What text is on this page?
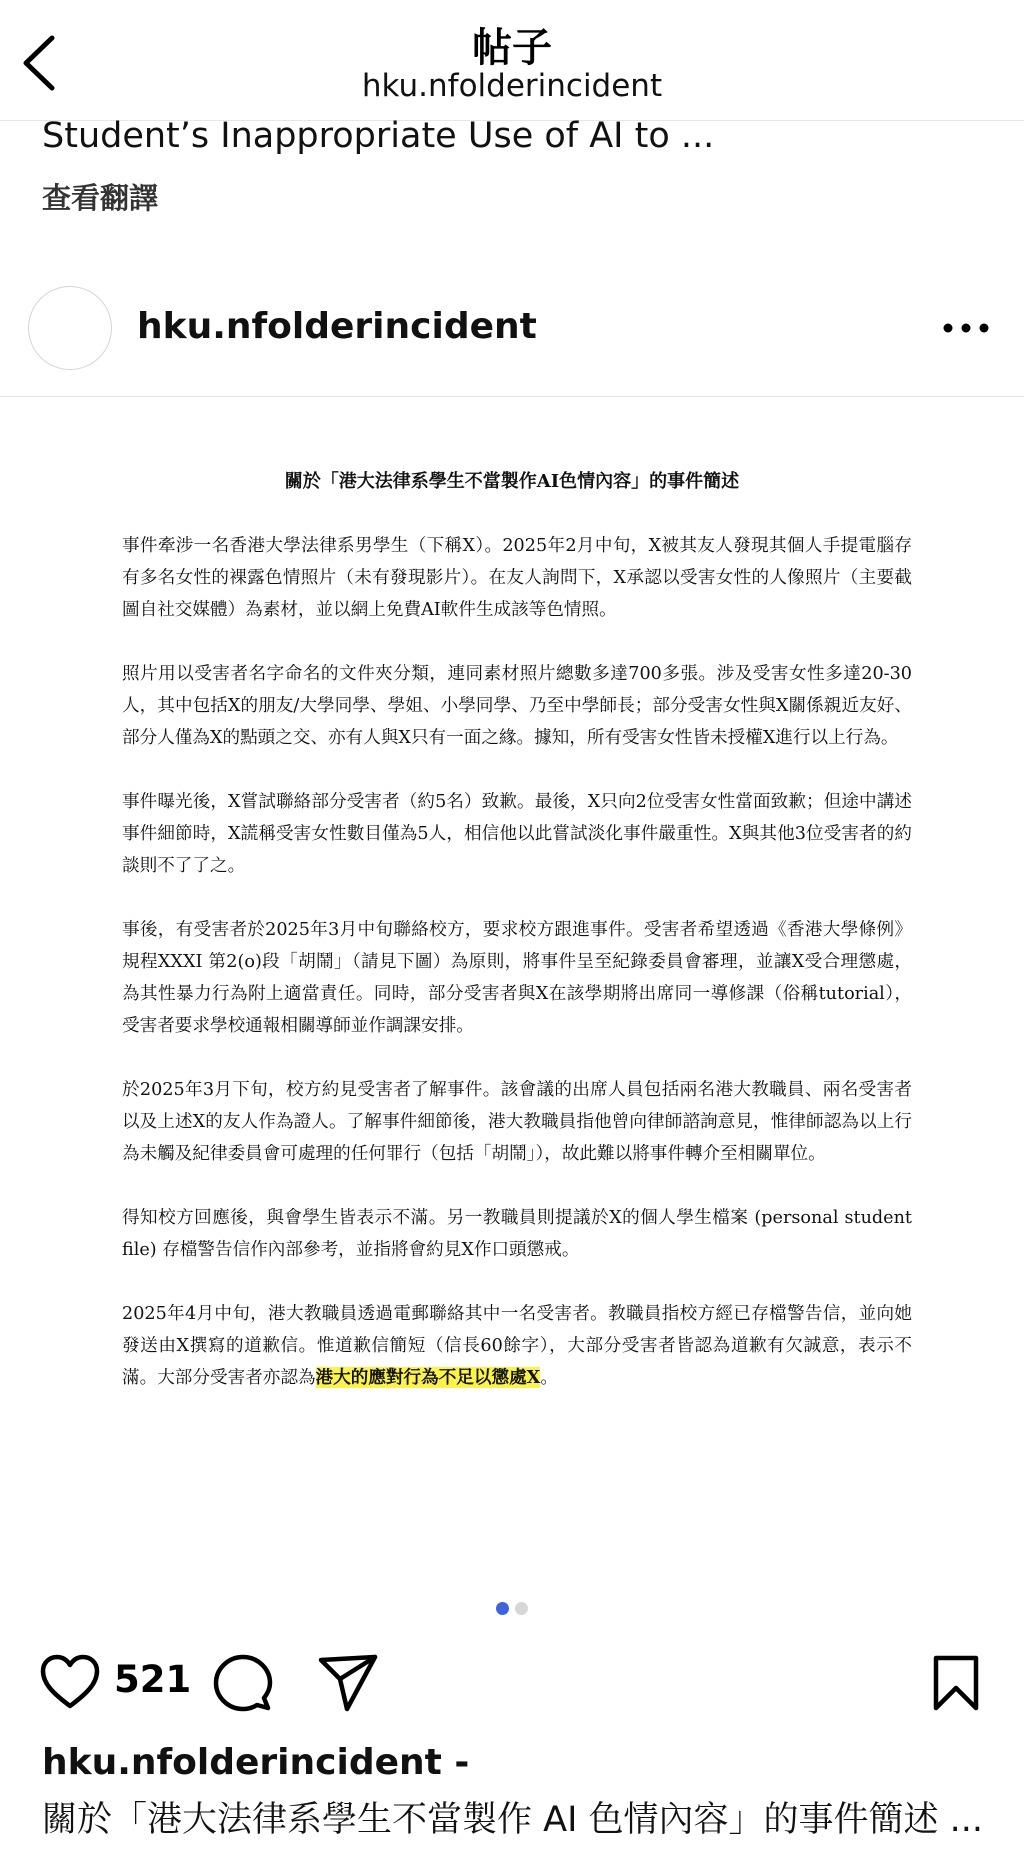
帖子
hku.nfolderincident
Student’s Inappropriate Use of AI to ...
查看翻譯
hku.nfolderincident
關於「港大法律系學生不當製作AI色情內容」的事件簡述

事件牽涉一名香港大學法律系男學生（下稱X）。2025年2月中旬，X被其友人發現其個人手提電腦存有多名女性的裸露色情照片（未有發現影片）。在友人詢問下，X承認以受害女性的人像照片（主要截圖自社交媒體）為素材，並以網上免費AI軟件生成該等色情照。

照片用以受害者名字命名的文件夾分類，連同素材照片總數多達700多張。涉及受害女性多達20-30人，其中包括X的朋友/大學同學、學姐、小學同學、乃至中學師長；部分受害女性與X關係親近友好、部分人僅為X的點頭之交、亦有人與X只有一面之緣。據知，所有受害女性皆未授權X進行以上行為。

事件曝光後，X嘗試聯絡部分受害者（約5名）致歉。最後，X只向2位受害女性當面致歉；但途中講述事件細節時，X謊稱受害女性數目僅為5人，相信他以此嘗試淡化事件嚴重性。X與其他3位受害者的約談則不了了之。

事後，有受害者於2025年3月中旬聯絡校方，要求校方跟進事件。受害者希望透過《香港大學條例》規程XXXI 第2(o)段「胡鬧」（請見下圖）為原則，將事件呈至紀錄委員會審理，並讓X受合理懲處，為其性暴力行為附上適當責任。同時，部分受害者與X在該學期將出席同一導修課（俗稱tutorial），受害者要求學校通報相關導師並作調課安排。

於2025年3月下旬，校方約見受害者了解事件。該會議的出席人員包括兩名港大教職員、兩名受害者以及上述X的友人作為證人。了解事件細節後，港大教職員指他曾向律師諮詢意見，惟律師認為以上行為未觸及紀律委員會可處理的任何罪行（包括「胡鬧」），故此難以將事件轉介至相關單位。

得知校方回應後，與會學生皆表示不滿。另一教職員則提議於X的個人學生檔案 (personal student file) 存檔警告信作內部參考，並指將會約見X作口頭懲戒。

2025年4月中旬，港大教職員透過電郵聯絡其中一名受害者。教職員指校方經已存檔警告信，並向她發送由X撰寫的道歉信。惟道歉信簡短（信長60餘字），大部分受害者皆認為道歉有欠誠意，表示不滿。大部分受害者亦認為港大的應對行為不足以懲處X。

521
hku.nfolderincident -
關於「港大法律系學生不當製作 AI 色情內容」的事件簡述 ...
